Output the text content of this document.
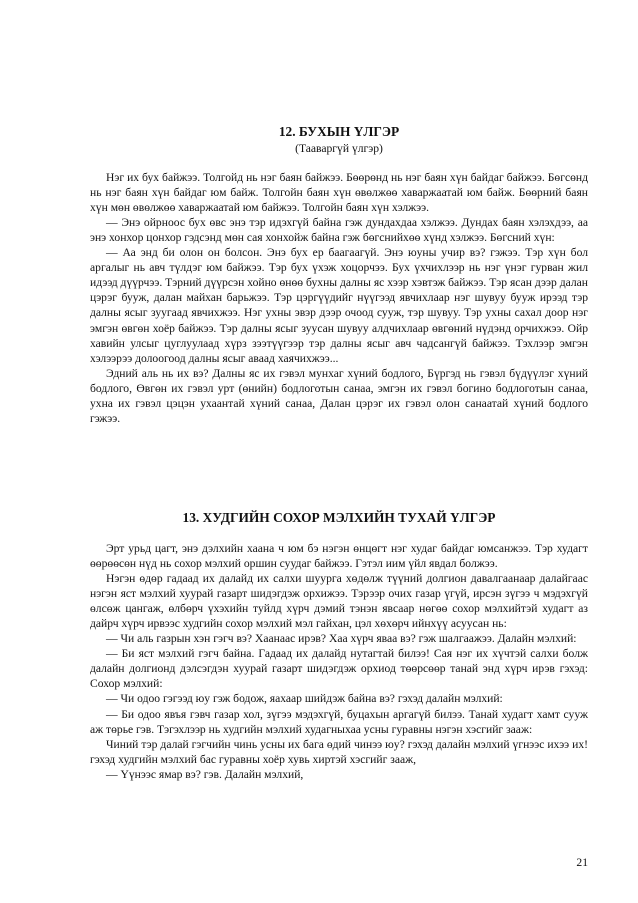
12. БУХЫН ҮЛГЭР
(Тааваргүй үлгэр)

Нэг их бух байжээ. Толгойд нь нэг баян байжээ. Бөөрөнд нь нэг баян хүн байдаг байжээ. Бөгсөнд нь нэг баян хүн байдаг юм байж. Толгойн баян хүн өвөлжөө хаваржаатай юм байж. Бөөрний баян хүн мөн өвөлжөө хаваржаатай юм байжээ. Толгойн баян хүн хэлжээ.

— Энэ ойрноос бух өвс энэ тэр идэхгүй байна гэж дундахдаа хэлжээ. Дундах баян хэлэхдээ, аа энэ хонхор цонхор гэдсэнд мөн сая хонхойж байна гэж бөгснийхөө хүнд хэлжээ. Бөгсний хүн:

— Аа энд би олон он болсон. Энэ бух ер баагаагүй. Энэ юуны учир вэ? гэжээ. Тэр хүн бол аргалыг нь авч түлдэг юм байжээ. Тэр бух үхэж хоцорчээ. Бух үхчихлээр нь нэг үнэг гурван жил идээд дүүрчээ. Тэрний дүүрсэн хойно өнөө бухны далны яс хээр хэвтэж байжээ. Тэр ясан дээр далан цэрэг бууж, далан майхан барьжээ. Тэр цэргүүдийг нүүгээд явчихлаар нэг шувуу бууж ирээд тэр далны ясыг зуугаад явчихжээ. Нэг ухны эвэр дээр очоод сууж, тэр шувуу. Тэр ухны сахал доор нэг эмгэн өвгөн хоёр байжээ. Тэр далны ясыг зуусан шувуу алдчихлаар өвгөний нүдэнд орчихжээ. Ойр хавийн улсыг цуглуулаад хүрз зээтүүгээр тэр далны ясыг авч чадсангүй байжээ. Тэхлээр эмгэн хэлээрээ долоогоод далны ясыг аваад хаячихжээ...

Эдний аль нь их вэ? Далны яс их гэвэл мунхаг хүний бодлого, Бүргэд нь гэвэл бүдүүлэг хүний бодлого, Өвгөн их гэвэл урт (өнийн) бодлоготын санаа, эмгэн их гэвэл богино бодлоготын санаа, ухна их гэвэл цэцэн ухаантай хүний санаа, Далан цэрэг их гэвэл олон санаатай хүний бодлого гэжээ.

13. ХУДГИЙН СОХОР МЭЛХИЙН ТУХАЙ ҮЛГЭР

Эрт урьд цагт, энэ дэлхийн хаана ч юм бэ нэгэн өнцөгт нэг худаг байдаг юмсанжээ. Тэр худагт өөрөөсөн нүд нь сохор мэлхий оршин суудаг байжээ. Гэтэл иим үйл явдал болжээ.

Нэгэн өдөр гадаад их далайд их салхи шуурга хөдөлж түүний долгион давалгаанаар далайгаас нэгэн яст мэлхий хуурай газарт шидэгдэж орхижээ. Тэрээр очих газар үгүй, ирсэн зүгээ ч мэдэхгүй өлсөж цангаж, өлбөрч үхэхийн туйлд хүрч дэмий тэнэн явсаар нөгөө сохор мэлхийтэй худагт аз дайрч хүрч ирвээс худгийн сохор мэлхий мэл гайхан, цэл хөхөрч ийнхүү асуусан нь:

— Чи аль газрын хэн гэгч вэ? Хаанаас ирэв? Хаа хүрч яваа вэ? гэж шалгаажээ. Далайн мэлхий:

— Би яст мэлхий гэгч байна. Гадаад их далайд нутагтай билээ! Сая нэг их хүчтэй салхи болж далайн долгионд дэлсэгдэн хуурай газарт шидэгдэж орхиод төөрсөөр танай энд хүрч ирэв гэхэд: Сохор мэлхий:

— Чи одоо гэгээд юу гэж бодож, яахаар шийдэж байна вэ? гэхэд далайн мэлхий:

— Би одоо явъя гэвч газар хол, зүгээ мэдэхгүй, буцахын аргагүй билээ. Танай худагт хамт сууж аж төрье гэв. Тэгэхлээр нь худгийн мэлхий худагныхаа усны гуравны нэгэн хэсгийг зааж:

Чиний тэр далай гэгчийн чинь усны их бага өдий чинээ юу? гэхэд далайн мэлхий үгнээс ихээ их! гэхэд худгийн мэлхий бас гуравны хоёр хувь хиртэй хэсгийг зааж,

— Үүнээс ямар вэ? гэв. Далайн мэлхий,

21
